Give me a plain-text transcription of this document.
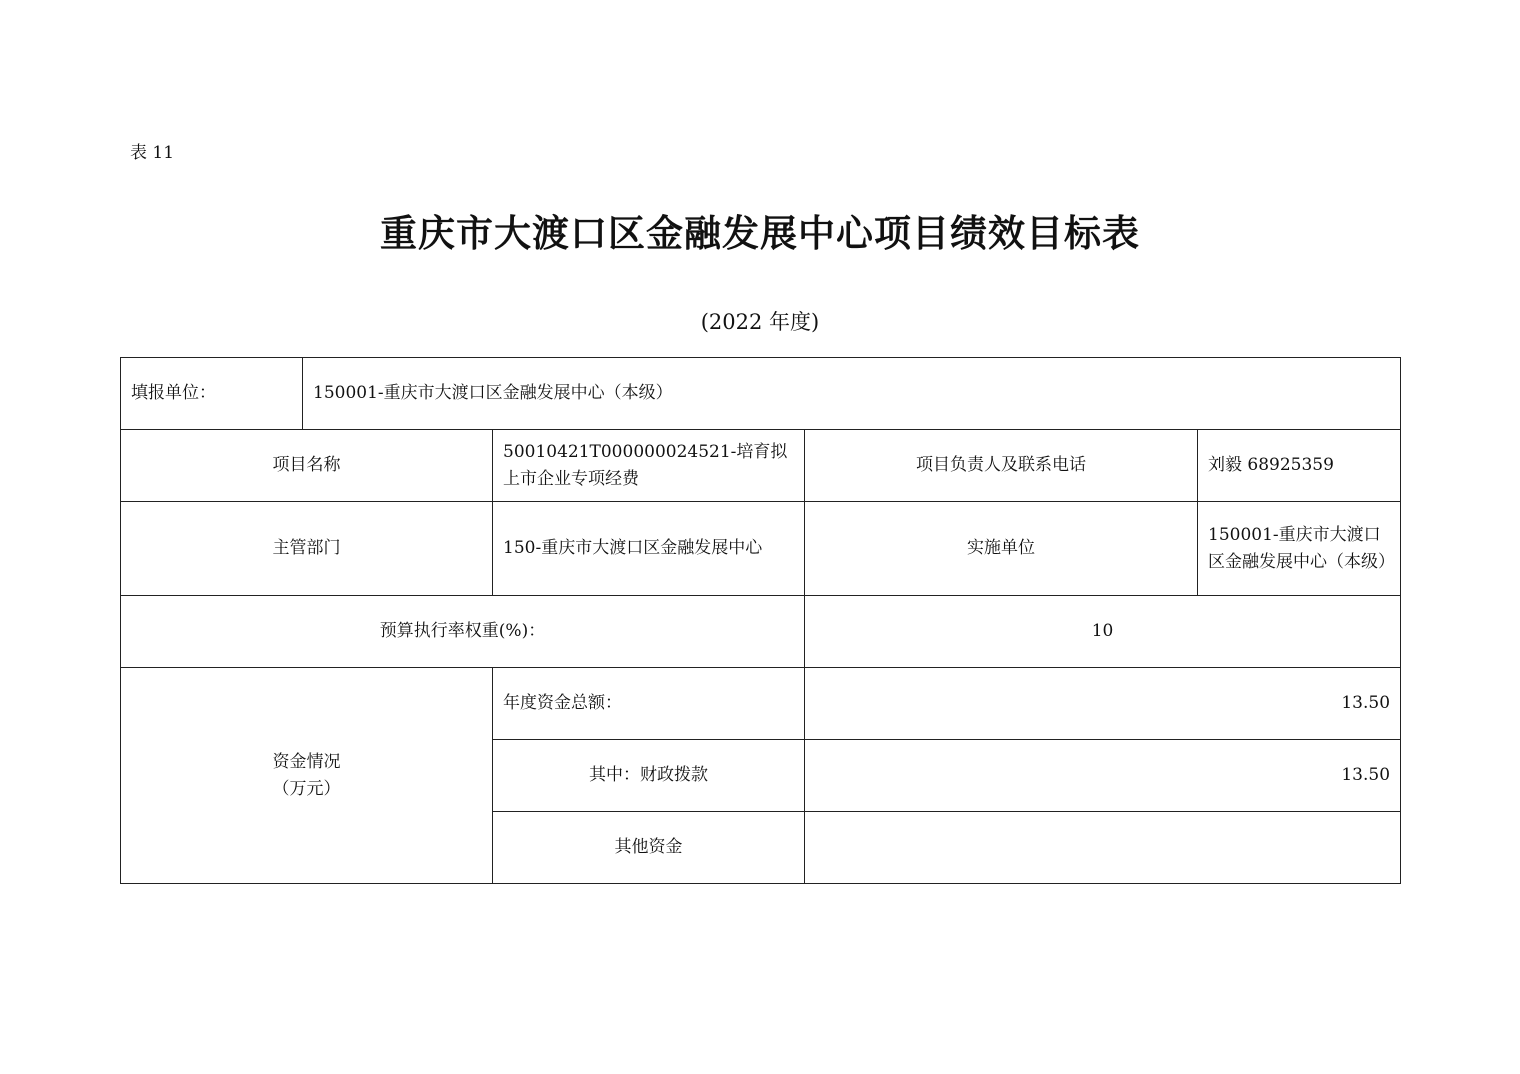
表 11
重庆市大渡口区金融发展中心项目绩效目标表
(2022 年度)
填报单位：	150001-重庆市大渡口区金融发展中心（本级）			
项目名称		50010421T000000024521-培育拟上市企业专项经费	项目负责人及联系电话	刘毅 68925359
主管部门		150-重庆市大渡口区金融发展中心	实施单位	150001-重庆市大渡口区金融发展中心（本级）
预算执行率权重(%)：			10	

资金情况
（万元）		年度资金总额：	13.50	
		其中：财政拨款	13.50	
		其他资金		
